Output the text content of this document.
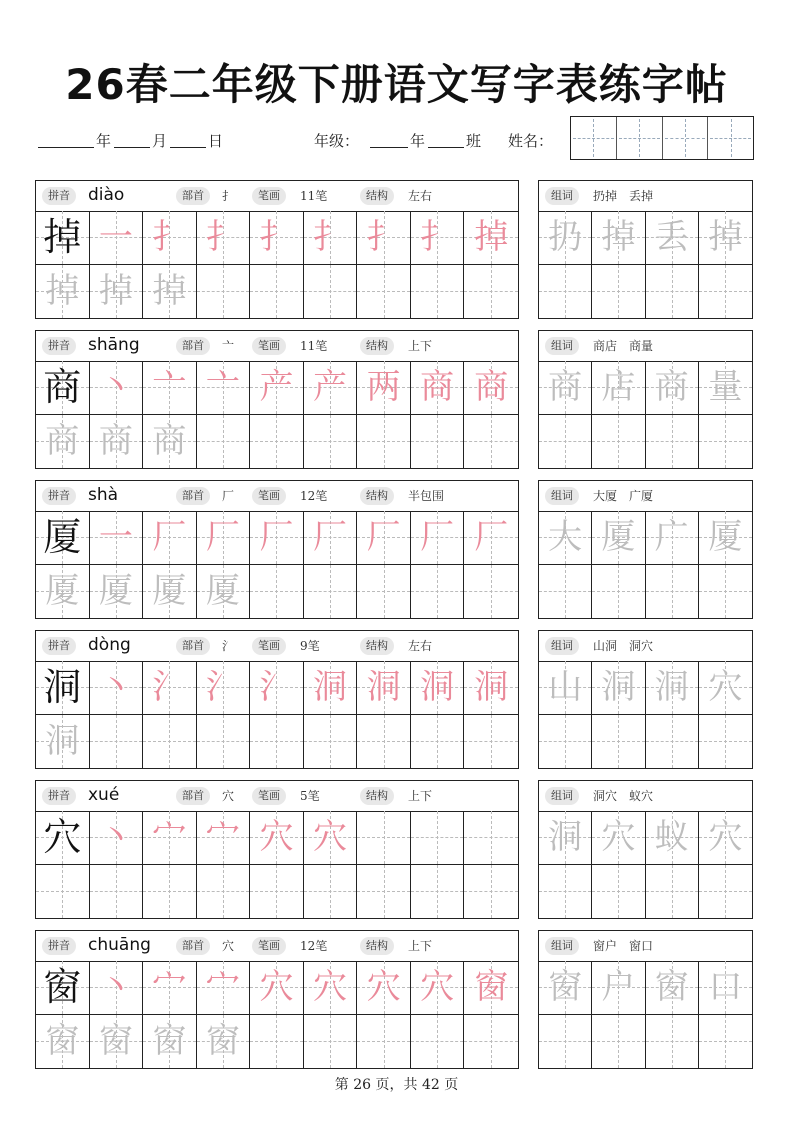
26春二年级下册语文写字表练字帖
年	月	日	年级：	年	班 姓名：
拼音	diào	部首	扌	笔画	11笔	结构	左右
掉 一 扌 扌 扌 扌 扌 扌 掉
掉 掉 掉
组词	扔掉　丢掉
扔 掉 丢 掉
拼音	shāng	部首	亠	笔画	11笔	结构	上下
商 丶 亠 亠 产 产 两 商 商
商 商 商
组词	商店　商量
商 店 商 量
拼音	shà	部首	厂	笔画	12笔	结构	半包围
厦 一 厂 厂 厂 厂 厂 厂 厂
厦 厦 厦 厦
组词	大厦　广厦
大 厦 广 厦
拼音	dòng	部首	氵	笔画	9笔	结构	左右
洞 丶 氵 氵 氵 洞 洞 洞 洞
洞
组词	山洞　洞穴
山 洞 洞 穴
拼音	xué	部首	穴	笔画	5笔	结构	上下
穴 丶 宀 宀 穴 穴
组词	洞穴　蚁穴
洞 穴 蚁 穴
拼音	chuāng	部首	穴	笔画	12笔	结构	上下
窗 丶 宀 宀 穴 穴 穴 穴 窗
窗 窗 窗 窗
组词	窗户　窗口
窗 户 窗 口
第 26 页，共 42 页
